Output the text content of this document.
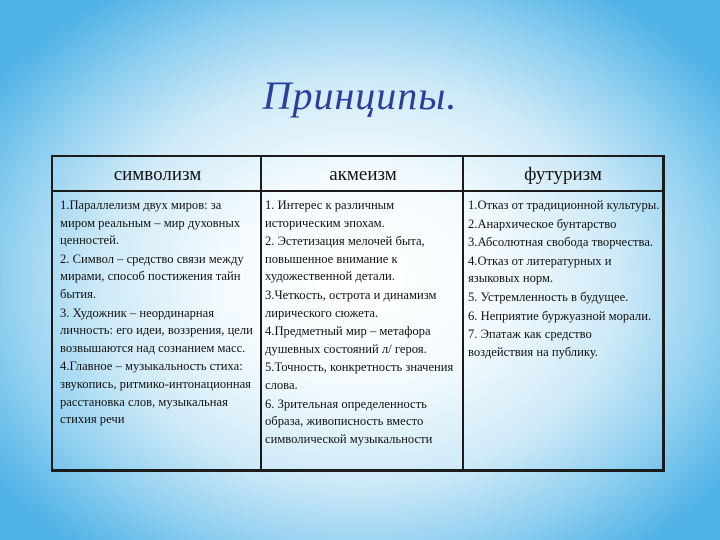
Принципы.
символизм	акмеизм	футуризм

1.Параллелизм двух миров: за миром реальным – мир духовных ценностей.

2. Символ – средство связи между мирами, способ постижения тайн бытия.

3. Художник – неординарная личность: его идеи, воззрения, цели возвышаются над сознанием масс.

4.Главное – музыкальность стиха: звукопись, ритмико-интонационная расстановка слов, музыкальная стихия речи

1. Интерес к различным историческим эпохам.

2. Эстетизация мелочей быта, повышенное внимание к художественной детали.

3.Четкость, острота и динамизм лирического сюжета.

4.Предметный мир – метафора душевных состояний л/ героя.

5.Точность, конкретность значения слова.

6. Зрительная определенность образа, живописность вместо символической музыкальности

1.Отказ от традиционной культуры.

2.Анархическое бунтарство

3.Абсолютная свобода творчества.

4.Отказ от литературных и языковых норм.

5. Устремленность в будущее.

6. Неприятие буржуазной морали.

7. Эпатаж как средство воздействия на публику.
